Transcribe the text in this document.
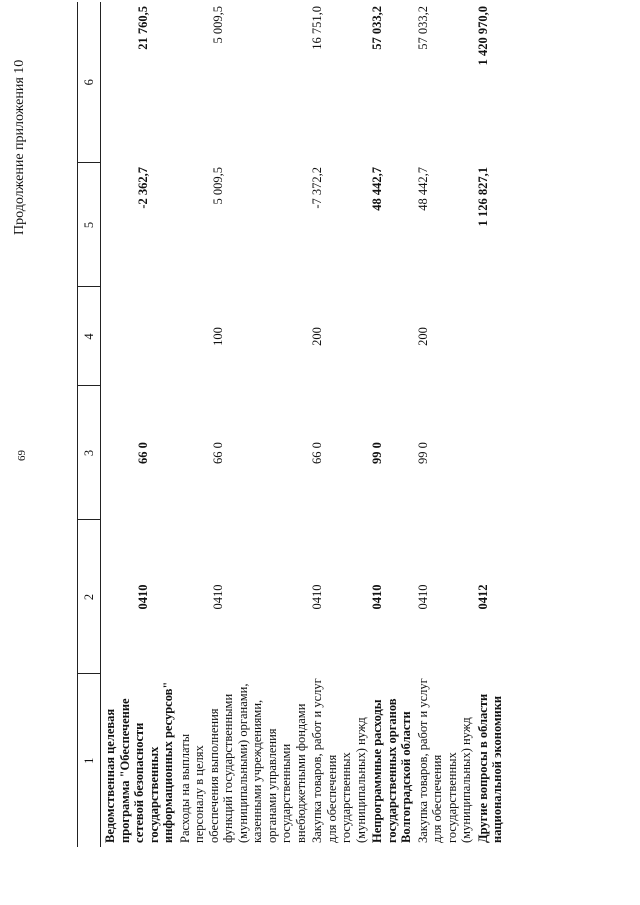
69
Продолжение приложения 10
1	2	3	4	5	6
Ведомственная целевая программа "Обеспечение сетевой безопасности государственных информационных ресурсов"	0410	66 0		-2 362,7	21 760,5
Расходы на выплаты персоналу в целях обеспечения выполнения функций государственными (муниципальными) органами, казенными учреждениями, органами управления государственными внебюджетными фондами	0410	66 0	100	5 009,5	5 009,5
Закупка товаров, работ и услуг для обеспечения государственных (муниципальных) нужд	0410	66 0	200	-7 372,2	16 751,0
Непрограммные расходы государственных органов Волгоградской области	0410	99 0		48 442,7	57 033,2
Закупка товаров, работ и услуг для обеспечения государственных (муниципальных) нужд	0410	99 0	200	48 442,7	57 033,2
Другие вопросы в области национальной экономики	0412			1 126 827,1	1 420 970,0
